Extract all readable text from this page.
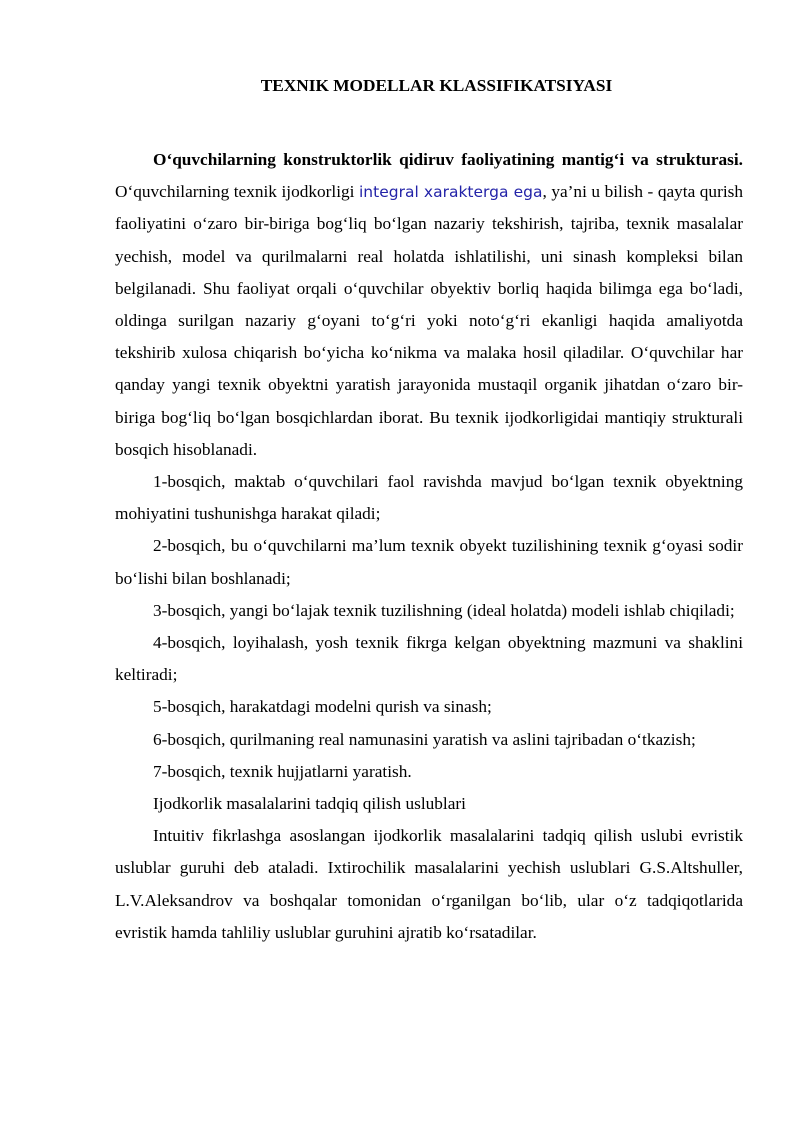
TEXNIK MODELLAR KLASSIFIKATSIYASI

O‘quvchilarning konstruktorlik qidiruv faoliyatining mantig‘i va strukturasi. O‘quvchilarning texnik ijodkorligi integral xarakterga ega, ya’ni u bilish - qayta qurish faoliyatini o‘zaro bir-biriga bog‘liq bo‘lgan nazariy tekshirish, tajriba, texnik masalalar yechish, model va qurilmalarni real holatda ishlatilishi, uni sinash kompleksi bilan belgilanadi. Shu faoliyat orqali o‘quvchilar obyektiv borliq haqida bilimga ega bo‘ladi, oldinga surilgan nazariy g‘oyani to‘g‘ri yoki noto‘g‘ri ekanligi haqida amaliyotda tekshirib xulosa chiqarish bo‘yicha ko‘nikma va malaka hosil qiladilar. O‘quvchilar har qanday yangi texnik obyektni yaratish jarayonida mustaqil organik jihatdan o‘zaro bir-biriga bog‘liq bo‘lgan bosqichlardan iborat. Bu texnik ijodkorligidai mantiqiy strukturali bosqich hisoblanadi.

1-bosqich, maktab o‘quvchilari faol ravishda mavjud bo‘lgan texnik obyektning mohiyatini tushunishga harakat qiladi;

2-bosqich, bu o‘quvchilarni ma’lum texnik obyekt tuzilishining texnik g‘oyasi sodir bo‘lishi bilan boshlanadi;

3-bosqich, yangi bo‘lajak texnik tuzilishning (ideal holatda) modeli ishlab chiqiladi;

4-bosqich, loyihalash, yosh texnik fikrga kelgan obyektning mazmuni va shaklini keltiradi;

5-bosqich, harakatdagi modelni qurish va sinash;

6-bosqich, qurilmaning real namunasini yaratish va aslini tajribadan o‘tkazish;

7-bosqich, texnik hujjatlarni yaratish.

Ijodkorlik masalalarini tadqiq qilish uslublari

Intuitiv fikrlashga asoslangan ijodkorlik masalalarini tadqiq qilish uslubi evristik uslublar guruhi deb ataladi. Ixtirochilik masalalarini yechish uslublari G.S.Altshuller, L.V.Aleksandrov va boshqalar tomonidan o‘rganilgan bo‘lib, ular o‘z tadqiqotlarida evristik hamda tahliliy uslublar guruhini ajratib ko‘rsatadilar.
